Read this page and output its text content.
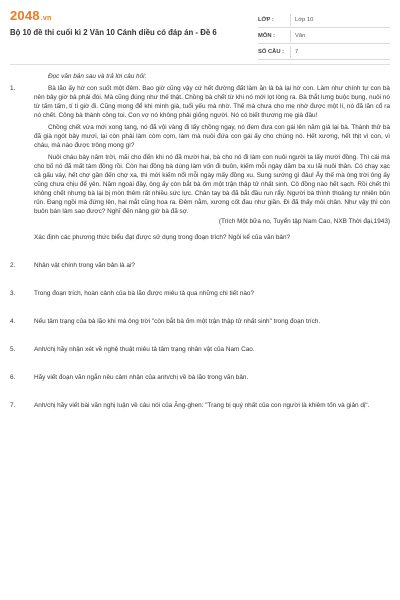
2048.vn
Bộ 10 đề thi cuối kì 2 Văn 10 Cánh diều có đáp án - Đề 6
LỚP :	Lớp 10
MÔN :	Văn
SỐ CÂU :	7
1.
Đọc văn bản sau và trả lời câu hỏi:

Bà lão ấy hờ con suốt một đêm. Bao giờ cũng vậy cứ hết đường đất làm ăn là bà lại hờ con. Làm như chính tự con bà nên bây giờ bà phải đói. Mà cũng đúng như thế thật. Chồng bà chết từ khi nó mới lọt lòng ra. Bà thắt lưng buộc bụng, nuôi nó từ tấm tấm, tí tí giờ đi. Cũng mong để khi mình già, tuổi yếu mà nhờ. Thế mà chưa cho mẹ nhờ được một lí, nó đã lăn cổ ra nó chết. Công bà thành công toi. Con vợ nó không phải giống người. Nó có biết thương mẹ già đâu!

Chồng chết vừa mới xong tang, nó đã vội vàng đi lấy chồng ngay, nó đem đưa con gái lên năm giả lại bà. Thành thử bà đã già ngót bảy mươi, lại còn phải làm còm cọm, làm mà nuôi đứa con gái ấy cho chúng nó. Hết xương, hết thịt vì con, vì cháu, mà nào được trông mong gì?

Nuôi cháu bảy năm trời, mãi cho đến khi nó đã mười hai, bà cho nó đi làm con nuôi người ta lấy mười đồng. Thì cái má cho bố nó đã mất tám đồng rồi. Còn hai đồng bà dùng làm vốn đi buôn, kiếm mỗi ngày dăm ba xu lãi nuôi thân. Có chạy xạc cả gấu váy, hết chợ gần đến chợ xa, thì mới kiếm nổi mỗi ngày mấy đồng xu. Sung sướng gì đâu! Ấy thế mà ông trời ông ấy cũng chưa chịu để yên. Năm ngoái đây, ông ấy còn bắt bà ốm một trận thập tử nhất sinh. Cô đồng nào hết sạch. Rồi chết thì không chết nhưng bà lại bị mòn thêm rất nhiều sức lực. Chân tay bà đã bắt đầu run rẩy. Người bà thình thoảng tự nhiên bủn rủn. Đang ngồi mà đứng lên, hai mắt cũng hoa ra. Đêm nằm, xương cốt đau như giần. Đi đã thấy mỏi chân. Như vậy thì còn buôn bán làm sao được? Nghĩ đến nâng giờ bà đã sợ.

(Trích Một bữa no, Tuyển tập Nam Cao, NXB Thời đại,1943)
Xác định các phương thức biểu đạt được sử dụng trong đoạn trích? Ngôi kể của văn bản?
2.	Nhân vật chính trong văn bản là ai?
3.	Trong đoạn trích, hoàn cảnh của bà lão được miêu tả qua những chi tiết nào?
4.	Nếu tâm trạng của bà lão khi mà ông trời "còn bắt bà ốm một trận thập tử nhất sinh" trong đoạn trích.
5.	Anh/chị hãy nhận xét về nghệ thuật miêu tả tâm trạng nhân vật của Nam Cao.
6.	Hãy viết đoạn văn ngắn nêu cảm nhận của anh/chị về bà lão trong văn bản.
7.	Anh/chị hãy viết bài văn nghị luận về câu nói của Ăng-ghen: "Trang bị quý nhất của con người là khiêm tốn và giản dị".
